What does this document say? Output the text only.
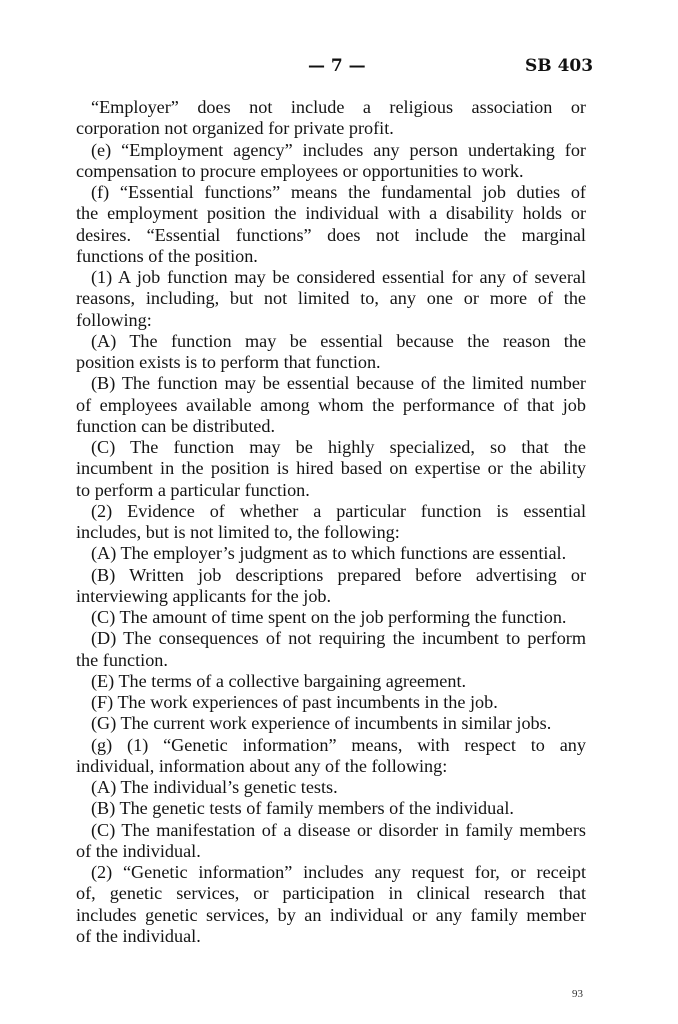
— 7 —	SB 403
“Employer” does not include a religious association or
corporation not organized for private profit.
(e) “Employment agency” includes any person undertaking for
compensation to procure employees or opportunities to work.
(f) “Essential functions” means the fundamental job duties of
the employment position the individual with a disability holds or
desires. “Essential functions” does not include the marginal
functions of the position.
(1) A job function may be considered essential for any of several
reasons, including, but not limited to, any one or more of the
following:
(A) The function may be essential because the reason the
position exists is to perform that function.
(B) The function may be essential because of the limited number
of employees available among whom the performance of that job
function can be distributed.
(C) The function may be highly specialized, so that the
incumbent in the position is hired based on expertise or the ability
to perform a particular function.
(2) Evidence of whether a particular function is essential
includes, but is not limited to, the following:
(A) The employer’s judgment as to which functions are essential.
(B) Written job descriptions prepared before advertising or
interviewing applicants for the job.
(C) The amount of time spent on the job performing the function.
(D) The consequences of not requiring the incumbent to perform
the function.
(E) The terms of a collective bargaining agreement.
(F) The work experiences of past incumbents in the job.
(G) The current work experience of incumbents in similar jobs.
(g) (1) “Genetic information” means, with respect to any
individual, information about any of the following:
(A) The individual’s genetic tests.
(B) The genetic tests of family members of the individual.
(C) The manifestation of a disease or disorder in family members
of the individual.
(2) “Genetic information” includes any request for, or receipt
of, genetic services, or participation in clinical research that
includes genetic services, by an individual or any family member
of the individual.
93
